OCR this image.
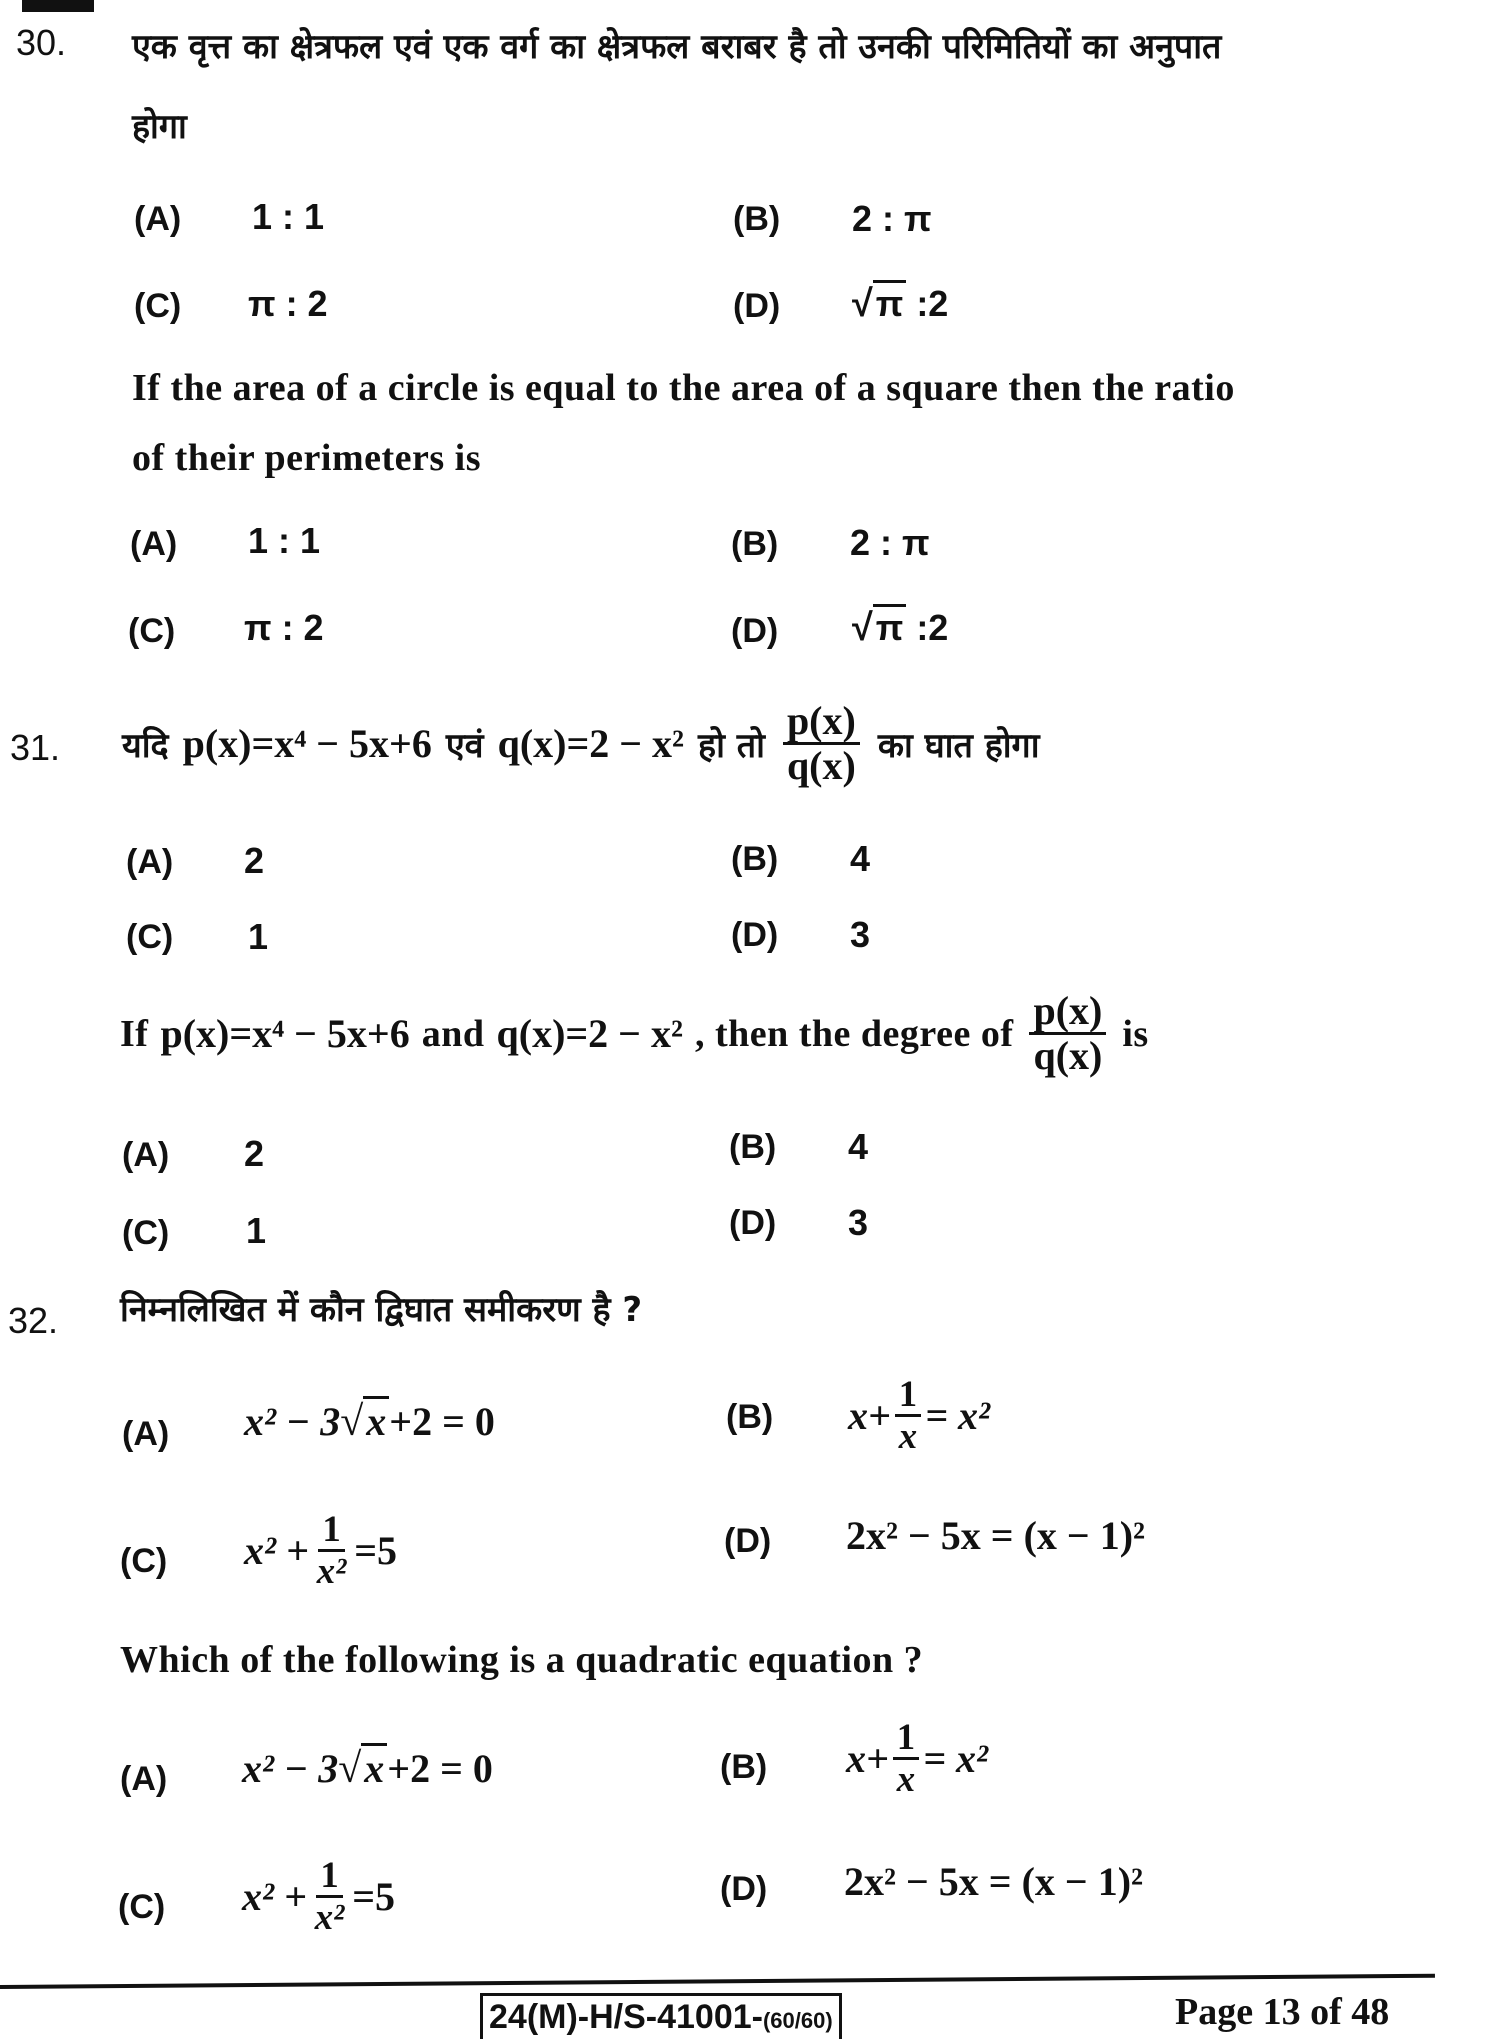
30. एक वृत्त का क्षेत्रफल एवं एक वर्ग का क्षेत्रफल बराबर है तो उनकी परिमितियों का अनुपात
होगा
(A) 1 : 1	(B) 2 : π
(C) π : 2	(D) √π :2
If the area of a circle is equal to the area of a square then the ratio
of their perimeters is
(A) 1 : 1	(B) 2 : π
(C) π : 2	(D) √π :2
31. यदि p(x)=x⁴ − 5x+6 एवं q(x)=2 − x² हो तो $\frac{p(x)}{q(x)}$ का घात होगा
(A) 2	(B) 4
(C) 1	(D) 3
If p(x)=x⁴ − 5x+6 and q(x)=2 − x² , then the degree of $\frac{p(x)}{q(x)}$ is
(A) 2	(B) 4
(C) 1	(D) 3
32. निम्नलिखित में कौन द्विघात समीकरण है ?
(A) x² − 3√x+2 = 0	(B) $x+ \frac{1}{x} = x^2$
(C) $x^2 + \frac{1}{\text{x²}} =5$	(D) 2x² − 5x = (x − 1)²
Which of the following is a quadratic equation ?
(A) x² − 3√x+2 = 0	(B) $x+ \frac{1}{x} = x^2$
(C) $x^2 + \frac{1}{\text{x²}} =5$	(D) 2x² − 5x = (x − 1)²
24(M)-H/S-41001-(60/60)	Page 13 of 48
